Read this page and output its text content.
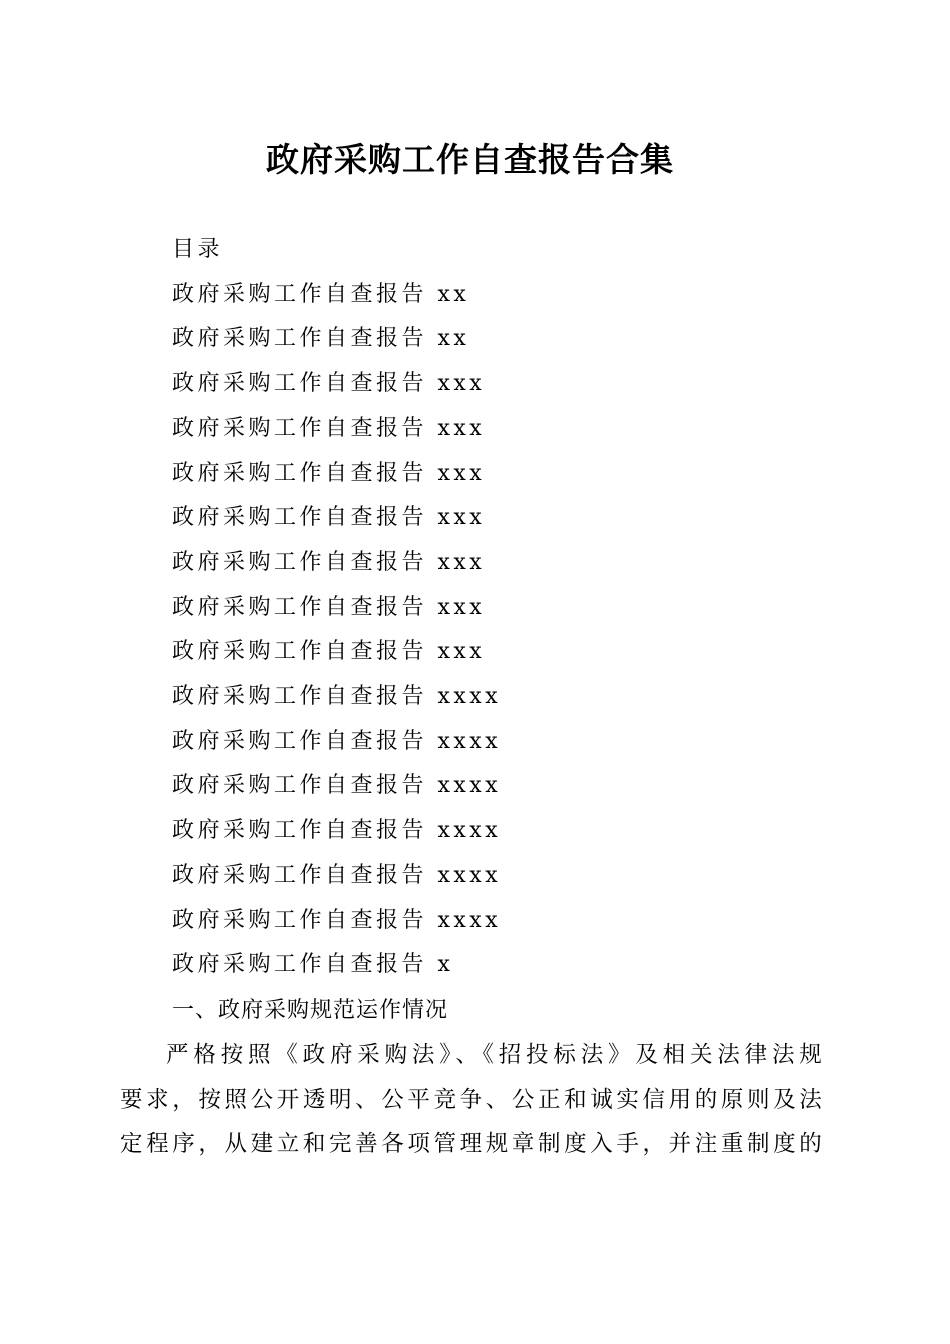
政府采购工作自查报告合集
目录
政府采购工作自查报告 xx
政府采购工作自查报告 xx
政府采购工作自查报告 xxx
政府采购工作自查报告 xxx
政府采购工作自查报告 xxx
政府采购工作自查报告 xxx
政府采购工作自查报告 xxx
政府采购工作自查报告 xxx
政府采购工作自查报告 xxx
政府采购工作自查报告 xxxx
政府采购工作自查报告 xxxx
政府采购工作自查报告 xxxx
政府采购工作自查报告 xxxx
政府采购工作自查报告 xxxx
政府采购工作自查报告 xxxx
政府采购工作自查报告 x
一、政府采购规范运作情况

严格按照《政府采购法》、《招投标法》及相关法律法规
要求，按照公开透明、公平竞争、公正和诚实信用的原则及法
定程序，从建立和完善各项管理规章制度入手，并注重制度的
